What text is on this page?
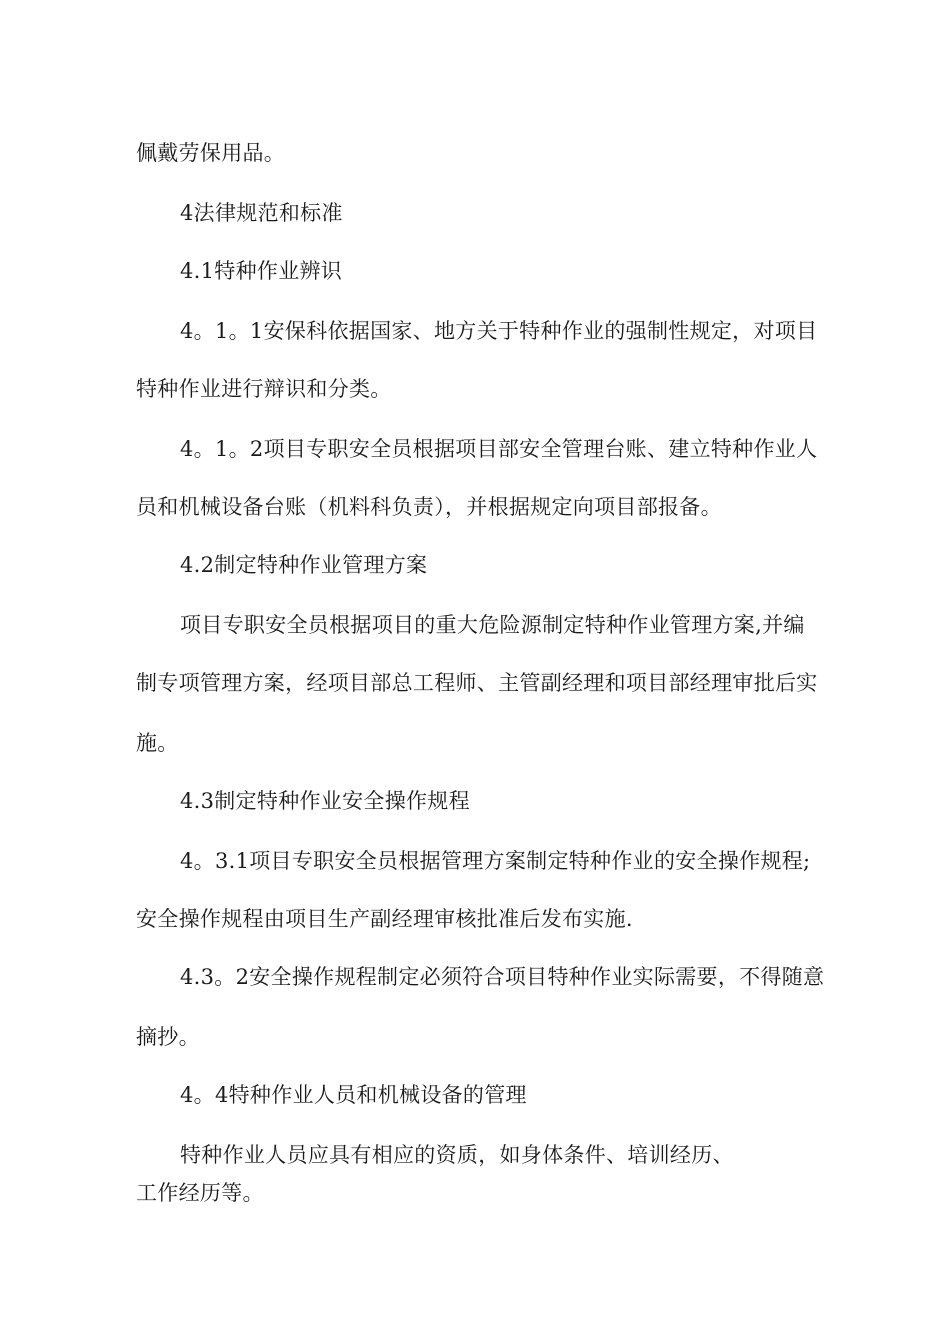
佩戴劳保用品。
4法律规范和标准
4.1特种作业辨识
4。1。1安保科依据国家、地方关于特种作业的强制性规定，对项目
特种作业进行辩识和分类。
4。1。2项目专职安全员根据项目部安全管理台账、建立特种作业人
员和机械设备台账（机料科负责），并根据规定向项目部报备。
4.2制定特种作业管理方案
项目专职安全员根据项目的重大危险源制定特种作业管理方案,并编
制专项管理方案，经项目部总工程师、主管副经理和项目部经理审批后实
施。
4.3制定特种作业安全操作规程
4。3.1项目专职安全员根据管理方案制定特种作业的安全操作规程;
安全操作规程由项目生产副经理审核批准后发布实施.
4.3。2安全操作规程制定必须符合项目特种作业实际需要，不得随意
摘抄。
4。4特种作业人员和机械设备的管理
特种作业人员应具有相应的资质，如身体条件、培训经历、
工作经历等。
